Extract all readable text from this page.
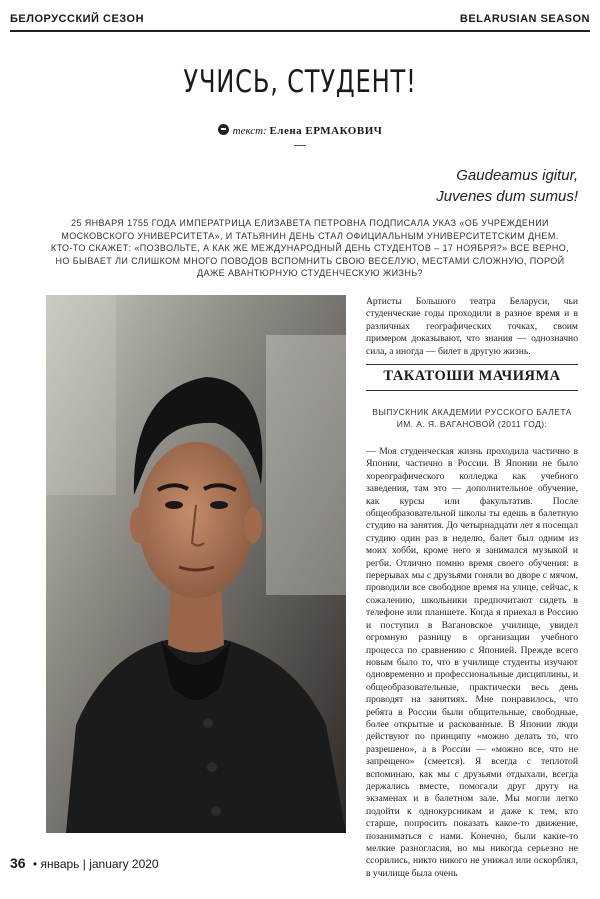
БЕЛОРУССКИЙ СЕЗОН	BELARUSIAN SEASON
УЧИСЬ, СТУДЕНТ!
текст: Елена ЕРМАКОВИЧ
Gaudeamus igitur,
Juvenes dum sumus!
25 ЯНВАРЯ 1755 ГОДА ИМПЕРАТРИЦА ЕЛИЗАВЕТА ПЕТРОВНА ПОДПИСАЛА УКАЗ «ОБ УЧРЕЖДЕНИИ МОСКОВСКОГО УНИВЕРСИТЕТА», И ТАТЬЯНИН ДЕНЬ СТАЛ ОФИЦИАЛЬНЫМ УНИВЕРСИТЕТСКИМ ДНЕМ. КТО-ТО СКАЖЕТ: «ПОЗВОЛЬТЕ, А КАК ЖЕ МЕЖДУНАРОДНЫЙ ДЕНЬ СТУДЕНТОВ – 17 НОЯБРЯ?» ВСЕ ВЕРНО, НО БЫВАЕТ ЛИ СЛИШКОМ МНОГО ПОВОДОВ ВСПОМНИТЬ СВОЮ ВЕСЕЛУЮ, МЕСТАМИ СЛОЖНУЮ, ПОРОЙ ДАЖЕ АВАНТЮРНУЮ СТУДЕНЧЕСКУЮ ЖИЗНЬ?
Артисты Большого театра Беларуси, чьи студенческие годы проходили в разное время и в различных географических точках, своим примером доказывают, что знания — однозначно сила, а иногда — билет в другую жизнь.
ТАКАТОШИ МАЧИЯМА
ВЫПУСКНИК АКАДЕМИИ РУССКОГО БАЛЕТА ИМ. А. Я. ВАГАНОВОЙ (2011 ГОД):
— Моя студенческая жизнь проходила частично в Японии, частично в России. В Японии не было хореографического колледжа как учебного заведения, там это — дополнительное обучение, как курсы или факультатив. После общеобразовательной школы ты едешь в балетную студию на занятия. До четырнадцати лет я посещал студию один раз в неделю, балет был одним из моих хобби, кроме него я занимался музыкой и регби. Отлично помню время своего обучения: в перерывах мы с друзьями гоняли во дворе с мячом, проводили все свободное время на улице, сейчас, к сожалению, школьники предпочитают сидеть в телефоне или планшете. Когда я приехал в Россию и поступил в Вагановское училище, увидел огромную разницу в организации учебного процесса по сравнению с Японией. Прежде всего новым было то, что в училище студенты изучают одновременно и профессиональные дисциплины, и общеобразовательные, практически весь день проводят на занятиях. Мне понравилось, что ребята в России были общительные, свободные, более открытые и раскованные. В Японии люди действуют по принципу «можно делать то, что разрешено», а в России — «можно все, что не запрещено» (смеется). Я всегда с теплотой вспоминаю, как мы с друзьями отдыхали, всегда держались вместе, помогали друг другу на экзаменах и в балетном зале. Мы могли легко подойти к однокурсникам и даже к тем, кто старше, попросить показать какое-то движение, позаниматься с нами. Конечно, были какие-то мелкие разногласия, но мы никогда серьезно не ссорились, никто никого не унижал или оскорблял, в училище была очень
36 • январь | january 2020
